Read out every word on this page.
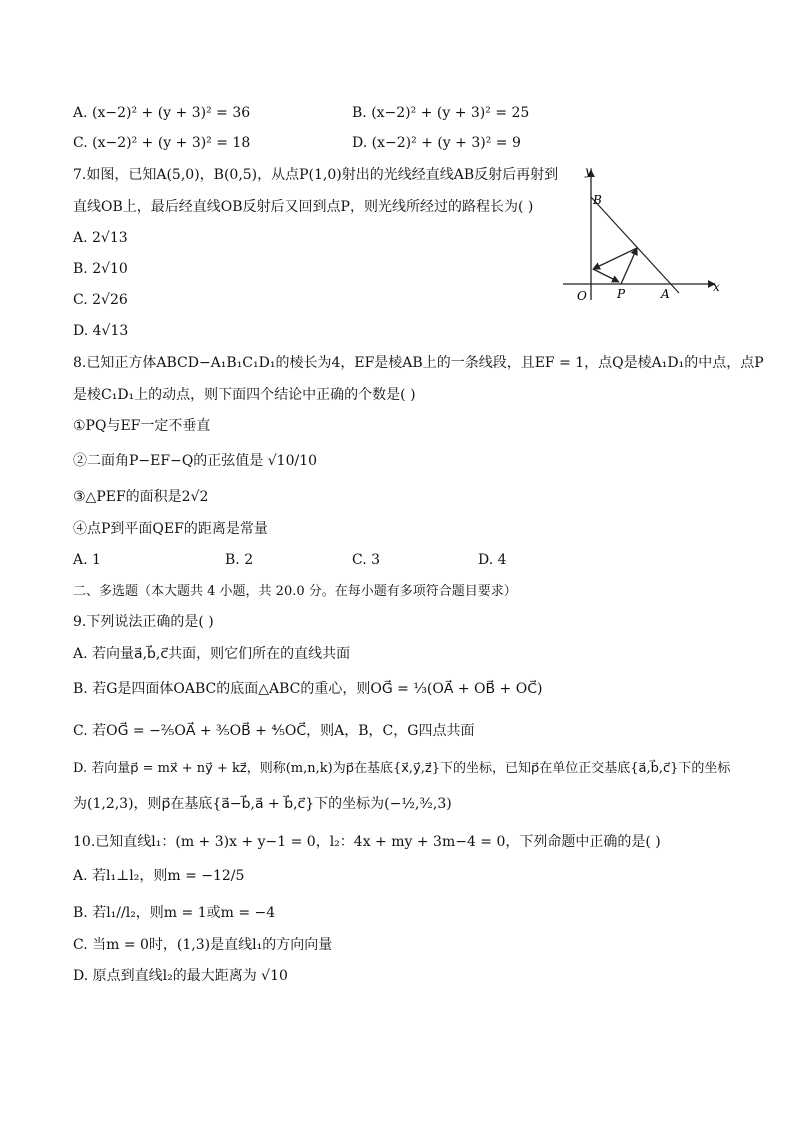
A. (x−2)² + (y + 3)² = 36	B. (x−2)² + (y + 3)² = 25
C. (x−2)² + (y + 3)² = 18	D. (x−2)² + (y + 3)² = 9
7.如图，已知A(5,0)，B(0,5)，从点P(1,0)射出的光线经直线AB反射后再射到
直线OB上，最后经直线OB反射后又回到点P，则光线所经过的路程长为( )
A. 2√13
B. 2√10
C. 2√26
D. 4√13
y
B
O	P	A	x
8.已知正方体ABCD−A₁B₁C₁D₁的棱长为4，EF是棱AB上的一条线段，且EF = 1，点Q是棱A₁D₁的中点，点P
是棱C₁D₁上的动点，则下面四个结论中正确的个数是( )
①PQ与EF一定不垂直
②二面角P−EF−Q的正弦值是 √10/10
③△PEF的面积是2√2
④点P到平面QEF的距离是常量
A. 1	B. 2	C. 3	D. 4
二、多选题（本大题共 4 小题，共 20.0 分。在每小题有多项符合题目要求）
9.下列说法正确的是( )
A. 若向量a⃗,b⃗,c⃗共面，则它们所在的直线共面
B. 若G是四面体OABC的底面△ABC的重心，则OG⃗ = ⅓(OA⃗ + OB⃗ + OC⃗)
C. 若OG⃗ = −⅖OA⃗ + ⅗OB⃗ + ⅘OC⃗，则A，B，C，G四点共面
D. 若向量p⃗ = mx⃗ + ny⃗ + kz⃗，则称(m,n,k)为p⃗在基底{x⃗,y⃗,z⃗}下的坐标，已知p⃗在单位正交基底{a⃗,b⃗,c⃗}下的坐标
为(1,2,3)，则p⃗在基底{a⃗−b⃗,a⃗ + b⃗,c⃗}下的坐标为(−½,³⁄₂,3)
10.已知直线l₁：(m + 3)x + y−1 = 0，l₂：4x + my + 3m−4 = 0，下列命题中正确的是( )
A. 若l₁⊥l₂，则m = −12/5
B. 若l₁//l₂，则m = 1或m = −4
C. 当m = 0时，(1,3)是直线l₁的方向向量
D. 原点到直线l₂的最大距离为 √10
